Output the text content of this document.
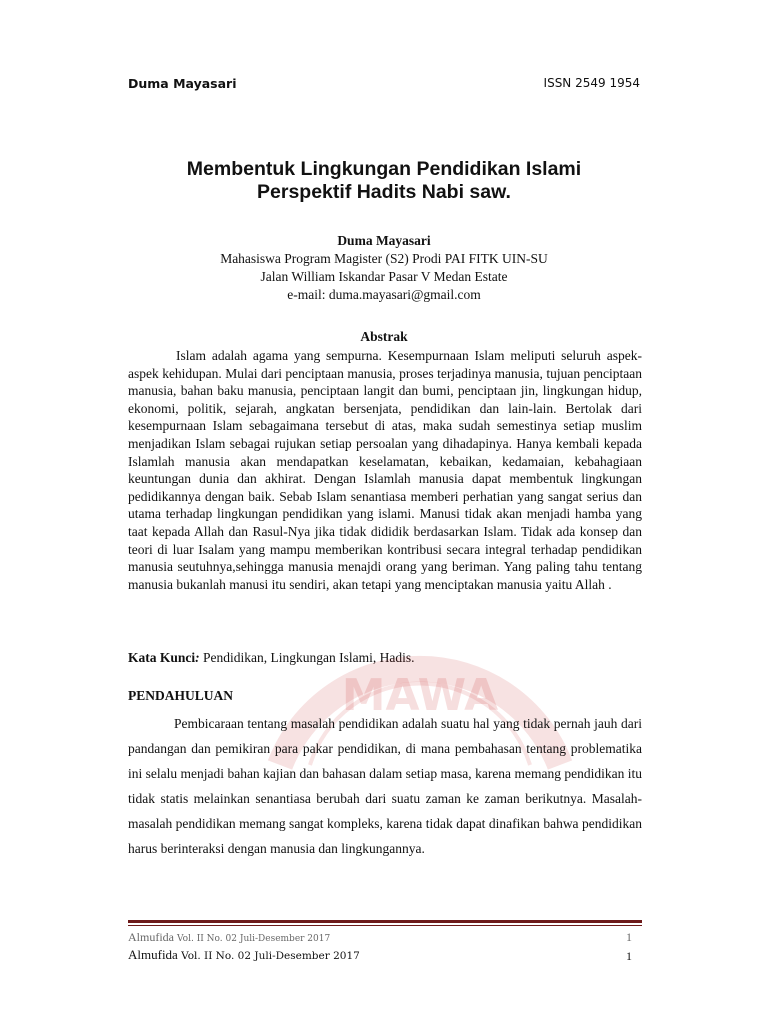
Duma Mayasari	ISSN 2549 1954
Membentuk Lingkungan Pendidikan Islami
Perspektif Hadits Nabi saw.
Duma Mayasari
Mahasiswa Program Magister (S2) Prodi PAI FITK UIN-SU
Jalan William Iskandar Pasar V Medan Estate
e-mail: duma.mayasari@gmail.com
Abstrak

Islam adalah agama yang sempurna. Kesempurnaan Islam meliputi seluruh aspek-aspek kehidupan. Mulai dari penciptaan manusia, proses terjadinya manusia, tujuan penciptaan manusia, bahan baku manusia, penciptaan langit dan bumi, penciptaan jin, lingkungan hidup, ekonomi, politik, sejarah, angkatan bersenjata, pendidikan dan lain-lain. Bertolak dari kesempurnaan Islam sebagaimana tersebut di atas, maka sudah semestinya setiap muslim menjadikan Islam sebagai rujukan setiap persoalan yang dihadapinya. Hanya kembali kepada Islamlah manusia akan mendapatkan keselamatan, kebaikan, kedamaian, kebahagiaan keuntungan dunia dan akhirat. Dengan Islamlah manusia dapat membentuk lingkungan pedidikannya dengan baik. Sebab Islam senantiasa memberi perhatian yang sangat serius dan utama terhadap lingkungan pendidikan yang islami. Manusi tidak akan menjadi hamba yang taat kepada Allah dan Rasul-Nya jika tidak dididik berdasarkan Islam. Tidak ada konsep dan teori di luar Isalam yang mampu memberikan kontribusi secara integral terhadap pendidikan manusia seutuhnya,sehingga manusia menajdi orang yang beriman. Yang paling tahu tentang manusia bukanlah manusi itu sendiri, akan tetapi yang menciptakan manusia yaitu Allah .

Kata Kunci: Pendidikan, Lingkungan Islami, Hadis.
MAWA
PENDAHULUAN

Pembicaraan tentang masalah pendidikan adalah suatu hal yang tidak pernah jauh dari pandangan dan pemikiran para pakar pendidikan, di mana pembahasan tentang problematika ini selalu menjadi bahan kajian dan bahasan dalam setiap masa, karena memang pendidikan itu tidak statis melainkan senantiasa berubah dari suatu zaman ke zaman berikutnya. Masalah-masalah pendidikan memang sangat kompleks, karena tidak dapat dinafikan bahwa pendidikan harus berinteraksi dengan manusia dan lingkungannya.

Almufida Vol. II No. 02 Juli-Desember 2017	1
Almufida Vol. II No. 02 Juli-Desember 2017	1
